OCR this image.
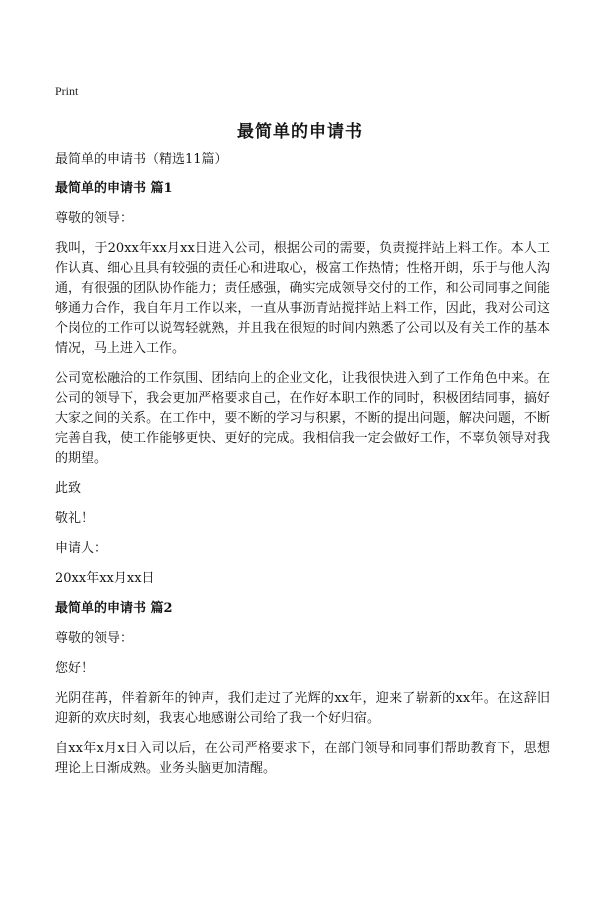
Print
最简单的申请书

最简单的申请书（精选11篇）

最简单的申请书 篇1

尊敬的领导：

我叫，于20xx年xx月xx日进入公司，根据公司的需要，负责搅拌站上料工作。本人工作认真、细心且具有较强的责任心和进取心，极富工作热情；性格开朗，乐于与他人沟通，有很强的团队协作能力；责任感强，确实完成领导交付的工作，和公司同事之间能够通力合作，我自年月工作以来，一直从事沥青站搅拌站上料工作，因此，我对公司这个岗位的工作可以说驾轻就熟，并且我在很短的时间内熟悉了公司以及有关工作的基本情况，马上进入工作。

公司宽松融洽的工作氛围、团结向上的企业文化，让我很快进入到了工作角色中来。在公司的领导下，我会更加严格要求自己，在作好本职工作的同时，积极团结同事，搞好大家之间的关系。在工作中，要不断的学习与积累，不断的提出问题，解决问题，不断完善自我，使工作能够更快、更好的完成。我相信我一定会做好工作，不辜负领导对我的期望。

此致

敬礼！

申请人：

20xx年xx月xx日

最简单的申请书 篇2

尊敬的领导：

您好！

光阴荏苒，伴着新年的钟声，我们走过了光辉的xx年，迎来了崭新的xx年。在这辞旧迎新的欢庆时刻，我衷心地感谢公司给了我一个好归宿。

自xx年x月x日入司以后，在公司严格要求下，在部门领导和同事们帮助教育下，思想理论上日渐成熟。业务头脑更加清醒。
